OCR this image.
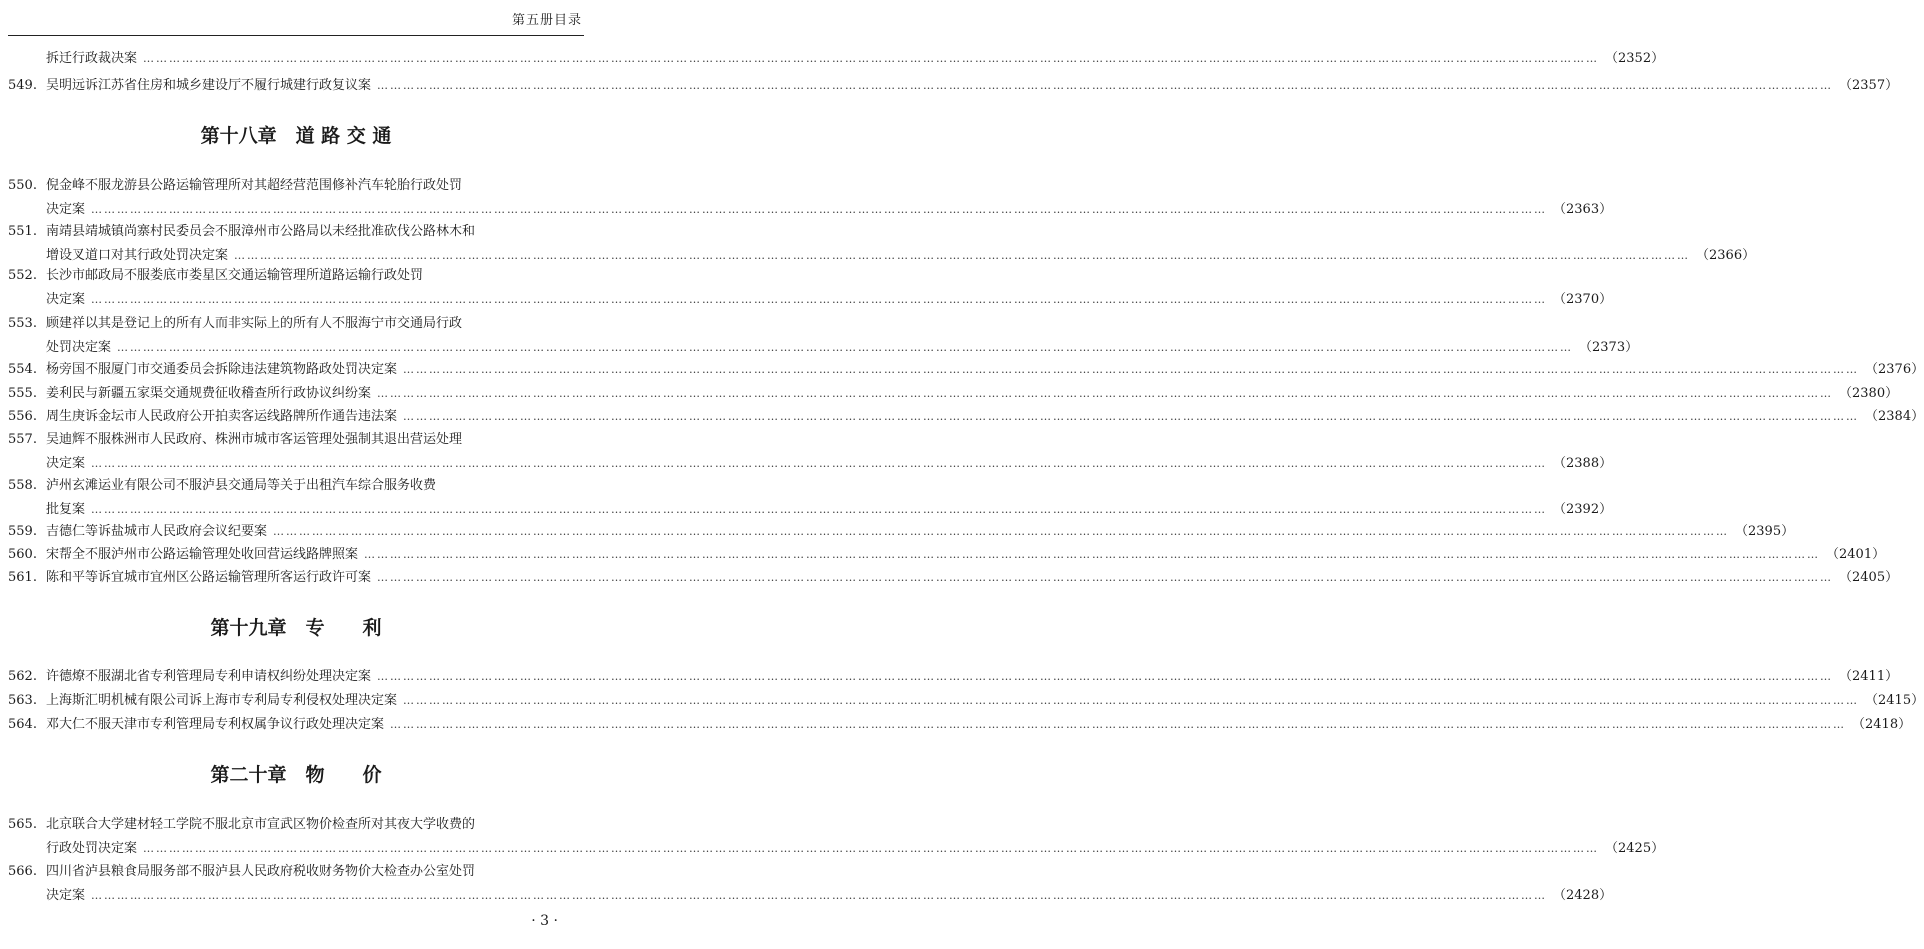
第五册目录
拆迁行政裁决案 ………………………………………………………………………………………………………………………………………………………………………………………………………………………………………………………………………………………………………… （2352）
549. 吴明远诉江苏省住房和城乡建设厅不履行城建行政复议案 ………………………………………………………………………………………………………………………………………………………………………………………………………………………………………………………………………………………………………… （2357）
第十八章　道 路 交 通
550. 倪金峰不服龙游县公路运输管理所对其超经营范围修补汽车轮胎行政处罚
决定案 ………………………………………………………………………………………………………………………………………………………………………………………………………………………………………………………………………………………………………… （2363）
551. 南靖县靖城镇尚寨村民委员会不服漳州市公路局以未经批准砍伐公路林木和
增设叉道口对其行政处罚决定案 ………………………………………………………………………………………………………………………………………………………………………………………………………………………………………………………………………………………………………… （2366）
552. 长沙市邮政局不服娄底市娄星区交通运输管理所道路运输行政处罚
决定案 ………………………………………………………………………………………………………………………………………………………………………………………………………………………………………………………………………………………………………… （2370）
553. 顾建祥以其是登记上的所有人而非实际上的所有人不服海宁市交通局行政
处罚决定案 ………………………………………………………………………………………………………………………………………………………………………………………………………………………………………………………………………………………………………… （2373）
554. 杨旁国不服厦门市交通委员会拆除违法建筑物路政处罚决定案 ………………………………………………………………………………………………………………………………………………………………………………………………………………………………………………………………………………………………………… （2376）
555. 姜利民与新疆五家渠交通规费征收稽查所行政协议纠纷案 ………………………………………………………………………………………………………………………………………………………………………………………………………………………………………………………………………………………………………… （2380）
556. 周生庚诉金坛市人民政府公开拍卖客运线路牌所作通告违法案 ………………………………………………………………………………………………………………………………………………………………………………………………………………………………………………………………………………………………………… （2384）
557. 吴迪辉不服株洲市人民政府、株洲市城市客运管理处强制其退出营运处理
决定案 ………………………………………………………………………………………………………………………………………………………………………………………………………………………………………………………………………………………………………… （2388）
558. 泸州玄滩运业有限公司不服泸县交通局等关于出租汽车综合服务收费
批复案 ………………………………………………………………………………………………………………………………………………………………………………………………………………………………………………………………………………………………………… （2392）
559. 吉德仁等诉盐城市人民政府会议纪要案 ………………………………………………………………………………………………………………………………………………………………………………………………………………………………………………………………………………………………………… （2395）
560. 宋帮全不服泸州市公路运输管理处收回营运线路牌照案 ………………………………………………………………………………………………………………………………………………………………………………………………………………………………………………………………………………………………………… （2401）
561. 陈和平等诉宜城市宜州区公路运输管理所客运行政许可案 ………………………………………………………………………………………………………………………………………………………………………………………………………………………………………………………………………………………………………… （2405）
第十九章　专　　利
562. 许德燎不服湖北省专利管理局专利申请权纠纷处理决定案 ………………………………………………………………………………………………………………………………………………………………………………………………………………………………………………………………………………………………………… （2411）
563. 上海斯汇明机械有限公司诉上海市专利局专利侵权处理决定案 ………………………………………………………………………………………………………………………………………………………………………………………………………………………………………………………………………………………………………… （2415）
564. 邓大仁不服天津市专利管理局专利权属争议行政处理决定案 ………………………………………………………………………………………………………………………………………………………………………………………………………………………………………………………………………………………………………… （2418）
第二十章　物　　价
565. 北京联合大学建材轻工学院不服北京市宣武区物价检查所对其夜大学收费的
行政处罚决定案 ………………………………………………………………………………………………………………………………………………………………………………………………………………………………………………………………………………………………………… （2425）
566. 四川省泸县粮食局服务部不服泸县人民政府税收财务物价大检查办公室处罚
决定案 ………………………………………………………………………………………………………………………………………………………………………………………………………………………………………………………………………………………………………… （2428）
· 3 ·
